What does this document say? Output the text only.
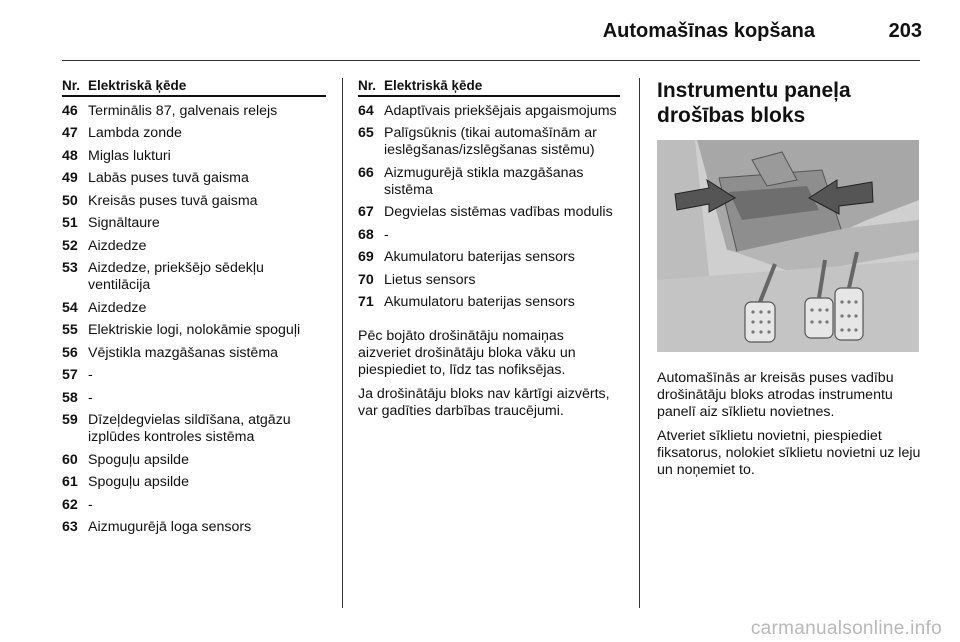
Automašīnas kopšana	203
Nr. Elektriskā ķēde
46 Terminālis 87, galvenais relejs
47 Lambda zonde
48 Miglas lukturi
49 Labās puses tuvā gaisma
50 Kreisās puses tuvā gaisma
51 Signāltaure
52 Aizdedze
53 Aizdedze, priekšējo sēdekļu ventilācija
54 Aizdedze
55 Elektriskie logi, nolokāmie spoguļi
56 Vējstikla mazgāšanas sistēma
57 -
58 -
59 Dīzeļdegvielas sildīšana, atgāzu izplūdes kontroles sistēma
60 Spoguļu apsilde
61 Spoguļu apsilde
62 -
63 Aizmugurējā loga sensors
Nr. Elektriskā ķēde
64 Adaptīvais priekšējais apgaismojums
65 Palīgsūknis (tikai automašīnām ar ieslēgšanas/izslēgšanas sistēmu)
66 Aizmugurējā stikla mazgāšanas sistēma
67 Degvielas sistēmas vadības modulis
68 -
69 Akumulatoru baterijas sensors
70 Lietus sensors
71 Akumulatoru baterijas sensors

Pēc bojāto drošinātāju nomaiņas aizveriet drošinātāju bloka vāku un piespiediet to, līdz tas nofiksējas.

Ja drošinātāju bloks nav kārtīgi aizvērts, var gadīties darbības traucējumi.

Instrumentu paneļa
drošības bloks

Automašīnās ar kreisās puses vadību drošinātāju bloks atrodas instrumentu panelī aiz sīklietu novietnes.

Atveriet sīklietu novietni, piespiediet fiksatorus, nolokiet sīklietu novietni uz leju un noņemiet to.

carmanualsonline.info
